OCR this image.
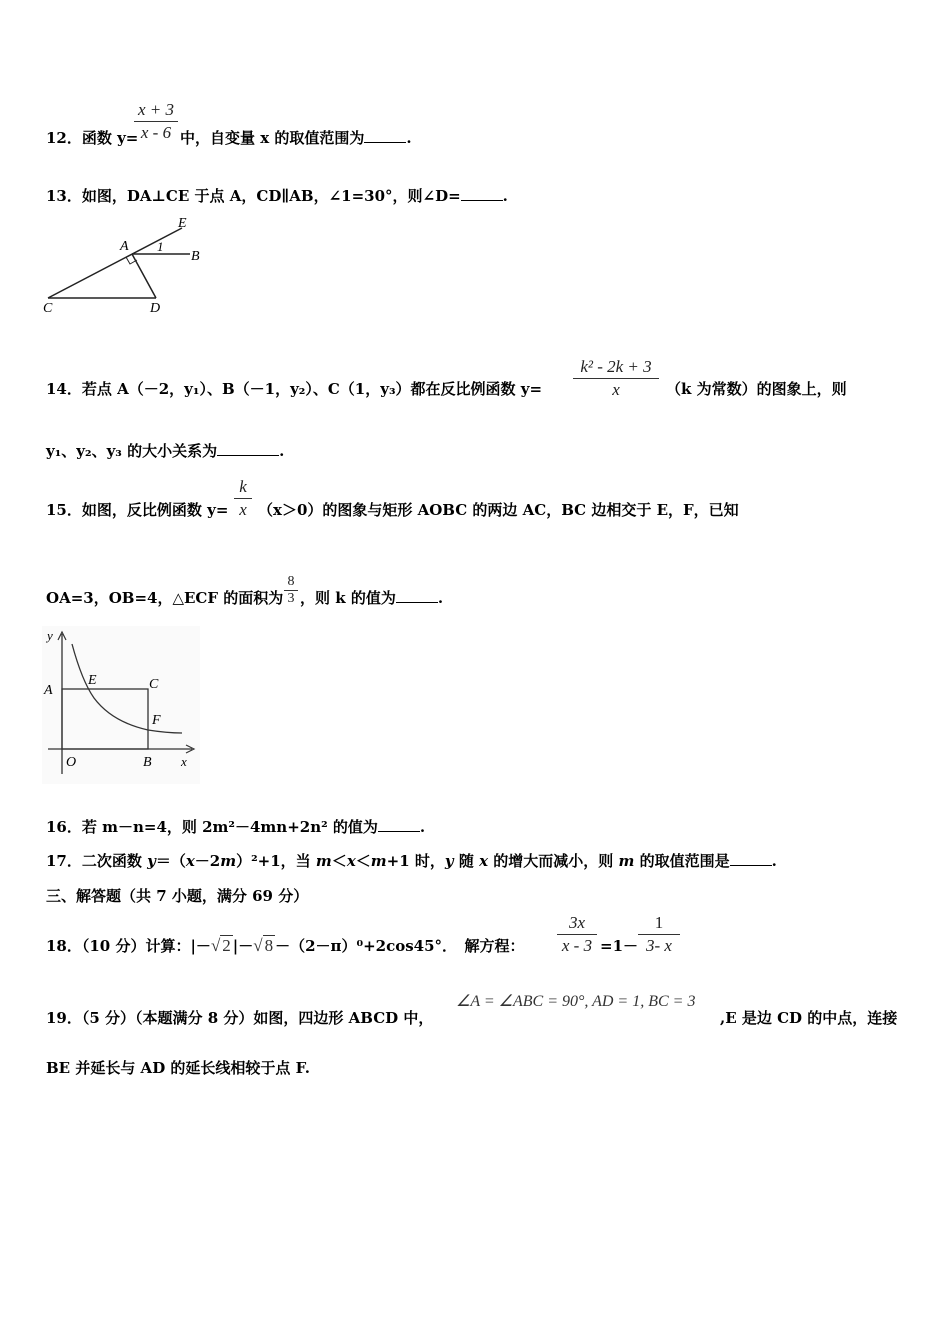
12．函数 y=
x + 3
x - 6 中，自变量 x 的取值范围为	.
13．如图，DA⊥CE 于点 A，CD∥AB，∠1=30°，则∠D=	.
E
A 1
B
C	D
14．若点 A（－2，y₁）、B（－1，y₂）、C（1，y₃）都在反比例函数 y=
k² - 2k + 3
x	（k 为常数）的图象上，则
y₁、y₂、y₃ 的大小关系为	.
15．如图，反比例函数 y=
k
x （x＞0）的图象与矩形 AOBC 的两边 AC，BC 边相交于 E，F，已知
OA=3，OB=4，△ECF 的面积为
8
3 ，则 k 的值为	.
y
A
E	C
F
O	B x
16．若 m－n=4，则 2m²－4mn+2n² 的值为	.
17．二次函数 y＝（x－2m）²+1，当 m＜x＜m+1 时，y 随 x 的增大而减小，则 m 的取值范围是	.
三、解答题（共 7 小题，满分 69 分）
18．（10 分）计算：|－√ 2 |－√ 8 －（2－π）⁰+2cos45°．　解方程：
3x
x - 3 =1－
1
3- x
19．（5 分）（本题满分 8 分）如图，四边形 ABCD 中，
∠A = ∠ABC = 90°, AD = 1, BC = 3
,E 是边 CD 的中点，连接
BE 并延长与 AD 的延长线相较于点 F.
